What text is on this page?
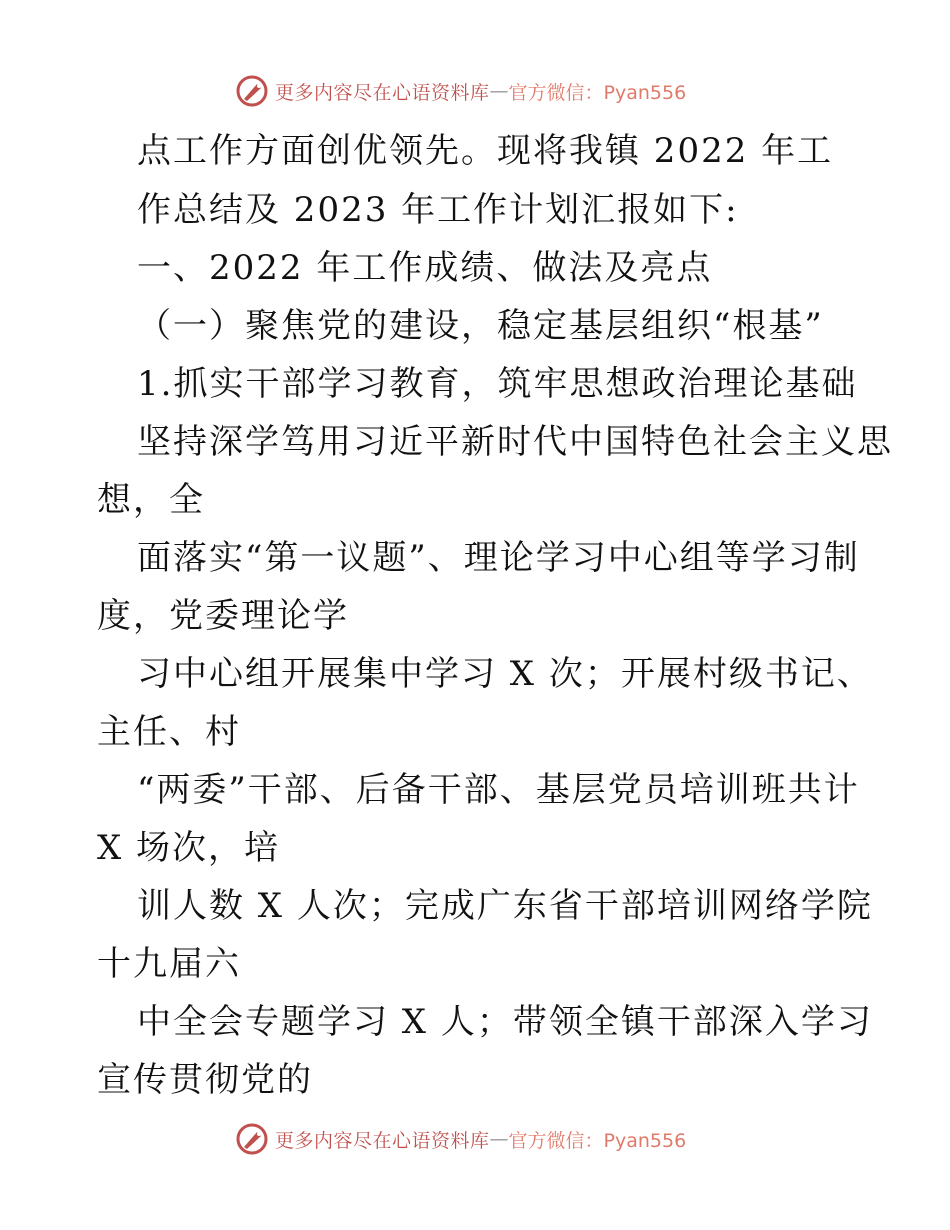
更多内容尽在心语资料库 — 官方微信：Pyan556
点工作方面创优领先。现将我镇 2022 年工
作总结及 2023 年工作计划汇报如下:
一、2022 年工作成绩、做法及亮点
（一）聚焦党的建设，稳定基层组织“根基”
1.抓实干部学习教育，筑牢思想政治理论基础
坚持深学笃用习近平新时代中国特色社会主义思
想，全
面落实“第一议题”、理论学习中心组等学习制
度，党委理论学
习中心组开展集中学习 X 次；开展村级书记、
主任、村
“两委”干部、后备干部、基层党员培训班共计
X 场次，培
训人数 X 人次；完成广东省干部培训网络学院
十九届六
中全会专题学习 X 人；带领全镇干部深入学习
宣传贯彻党的
更多内容尽在心语资料库 — 官方微信：Pyan556
